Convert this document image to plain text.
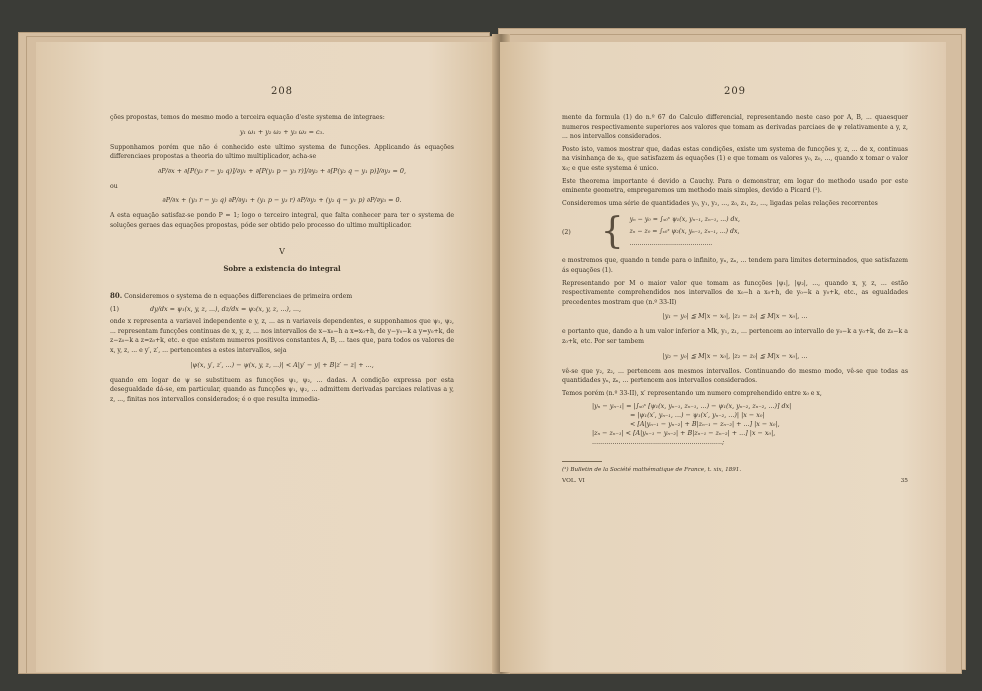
208

ções propostas, temos do mesmo modo a terceira equação d'este systema de integraes:

y₁ ω₁ + y₂ ω₂ + y₃ ω₃ = c₃.

Supponhamos porém que não é conhecido este ultimo systema de funcções. Applicando ás equações differenciaes propostas a theoria do ultimo multiplicador, acha-se

∂P/∂x + ∂[P(y₃ r − y₂ q)]/∂y₁ + ∂[P(y₁ p − y₃ r)]/∂y₂ + ∂[P(y₂ q − y₁ p)]/∂y₃ = 0,

ou

∂P/∂x + (y₃ r − y₂ q) ∂P/∂y₁ + (y₁ p − y₃ r) ∂P/∂y₂ + (y₂ q − y₁ p) ∂P/∂y₃ = 0.

A esta equação satisfaz-se pondo P = 1; logo o terceiro integral, que falta conhecer para ter o systema de soluções geraes das equações propostas, póde ser obtido pelo processo do ultimo multiplicador.

V
Sobre a existencia do integral

80. Consideremos o systema de n equações differenciaes de primeira ordem

(1)	dy/dx = ψ₁(x, y, z, ...), dz/dx = ψ₂(x, y, z, ...), ...,

onde x representa a variavel independente e y, z, ... as n variaveis dependentes, e supponhamos que ψ₁, ψ₂, ... representam funcções continuas de x, y, z, ... nos intervallos de x−x₀−h a x=x₀+h, de y−y₀−k a y=y₀+k, de z−z₀−k a z=z₀+k, etc. e que existem numeros positivos constantes A, B, ... taes que, para todos os valores de x, y, z, ... e y′, z′, ... pertencentes a estes intervallos, seja

|ψ(x, y′, z′, ...) − ψ(x, y, z, ...)| < A|y′ − y| + B|z′ − z| + ...,

quando em logar de ψ se substituem as funcções ψ₁, ψ₂, ... dadas. A condição expressa por esta desegualdade dá-se, em particular, quando as funcções ψ₁, ψ₂, ... admittem derivadas parciaes relativas a y, z, ..., finitas nos intervallos considerados; é o que resulta immedia-

209

mente da formula (1) do n.º 67 do Calculo differencial, representando neste caso por A, B, ... quaesquer numeros respectivamente superiores aos valores que tomam as derivadas parciaes de ψ relativamente a y, z, ... nos intervallos considerados.

Posto isto, vamos mostrar que, dadas estas condições, existe um systema de funcções y, z, ... de x, continuas na visinhança de x₀, que satisfazem ás equações (1) e que tomam os valores y₀, z₀, ..., quando x tomar o valor x₀; e que este systema é unico.

Este theorema importante é devido a Cauchy. Para o demonstrar, em logar do methodo usado por este eminente geometra, empregaremos um methodo mais simples, devido a Picard (¹).

Consideremos uma série de quantidades y₀, y₁, y₂, ..., z₀, z₁, z₂, ..., ligadas pelas relações recorrentes

(2) { yₙ − y₀ = ∫ₓ₀ˣ ψ₁(x, yₙ₋₁, zₙ₋₁, ...) dx,
zₙ − z₀ = ∫ₓ₀ˣ ψ₂(x, yₙ₋₁, zₙ₋₁, ...) dx,
..........................................

e mostremos que, quando n tende para o infinito, yₙ, zₙ, ... tendem para limites determinados, que satisfazem ás equações (1).

Representando por M o maior valor que tomam as funcções |ψ₁|, |ψ₂|, ..., quando x, y, z, ... estão respectivamente comprehendidos nos intervallos de x₀−h a x₀+h, de y₀−k a y₀+k, etc., as egualdades precedentes mostram que (n.º 33-II)

|y₁ − y₀| ≦ M|x − x₀|, |z₁ − z₀| ≦ M|x − x₀|, ...

e portanto que, dando a h um valor inferior a Mk, y₁, z₁, ... pertencem ao intervallo de y₀−k a y₀+k, de z₀−k a z₀+k, etc. Por ser tambem

|y₂ − y₀| ≦ M|x − x₀|, |z₂ − z₀| ≦ M|x − x₀|, ...

vê-se que y₂, z₂, ... pertencem aos mesmos intervallos. Continuando do mesmo modo, vê-se que todas as quantidades yₙ, zₙ, ... pertencem aos intervallos considerados.

Temos porém (n.º 33-II), x′ representando um numero comprehendido entre x₀ e x,

|yₙ − yₙ₋₁| = |∫ₓ₀ˣ [ψ₁(x, yₙ₋₁, zₙ₋₁, ...) − ψ₁(x, yₙ₋₂, zₙ₋₂, ...)] dx|
= |ψ₁(x′, yₙ₋₁, ...) − ψ₁(x′, yₙ₋₂, ...)| |x − x₀|
< [A|yₙ₋₁ − yₙ₋₂| + B|zₙ₋₁ − zₙ₋₂| + ...] |x − x₀|,
|zₙ − zₙ₋₁| < [A|yₙ₋₁ − yₙ₋₂| + B|zₙ₋₁ − zₙ₋₂| + ...] |x − x₀|,
................................................................;
(¹) Bulletin de la Société mathématique de France, t. xix, 1891.
VOL. VI	35
